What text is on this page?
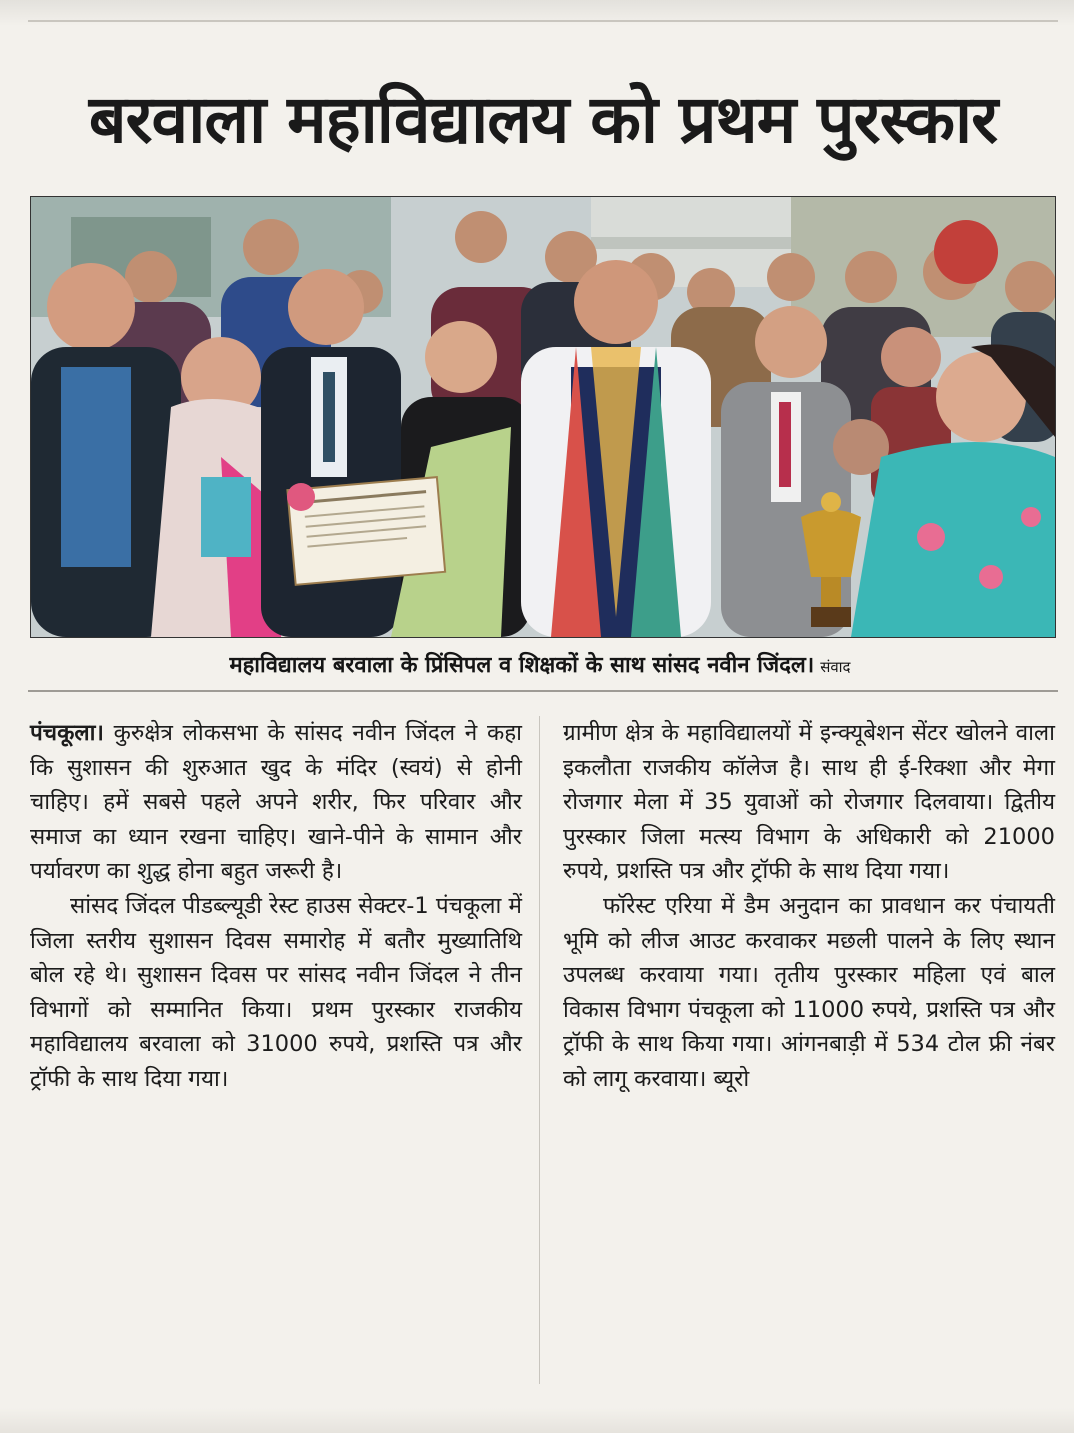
बरवाला महाविद्यालय को प्रथम पुरस्कार
महाविद्यालय बरवाला के प्रिंसिपल व शिक्षकों के साथ सांसद नवीन जिंदल। संवाद

पंचकूला। कुरुक्षेत्र लोकसभा के सांसद नवीन जिंदल ने कहा कि सुशासन की शुरुआत खुद के मंदिर (स्वयं) से होनी चाहिए। हमें सबसे पहले अपने शरीर, फिर परिवार और समाज का ध्यान रखना चाहिए। खाने-पीने के सामान और पर्यावरण का शुद्ध होना बहुत जरूरी है।

सांसद जिंदल पीडब्ल्यूडी रेस्ट हाउस सेक्टर-1 पंचकूला में जिला स्तरीय सुशासन दिवस समारोह में बतौर मुख्यातिथि बोल रहे थे। सुशासन दिवस पर सांसद नवीन जिंदल ने तीन विभागों को सम्मानित किया। प्रथम पुरस्कार राजकीय महाविद्यालय बरवाला को 31000 रुपये, प्रशस्ति पत्र और ट्रॉफी के साथ दिया गया।

ग्रामीण क्षेत्र के महाविद्यालयों में इन्क्यूबेशन सेंटर खोलने वाला इकलौता राजकीय कॉलेज है। साथ ही ई-रिक्शा और मेगा रोजगार मेला में 35 युवाओं को रोजगार दिलवाया। द्वितीय पुरस्कार जिला मत्स्य विभाग के अधिकारी को 21000 रुपये, प्रशस्ति पत्र और ट्रॉफी के साथ दिया गया।

फॉरेस्ट एरिया में डैम अनुदान का प्रावधान कर पंचायती भूमि को लीज आउट करवाकर मछली पालने के लिए स्थान उपलब्ध करवाया गया। तृतीय पुरस्कार महिला एवं बाल विकास विभाग पंचकूला को 11000 रुपये, प्रशस्ति पत्र और ट्रॉफी के साथ किया गया। आंगनबाड़ी में 534 टोल फ्री नंबर को लागू करवाया। ब्यूरो
